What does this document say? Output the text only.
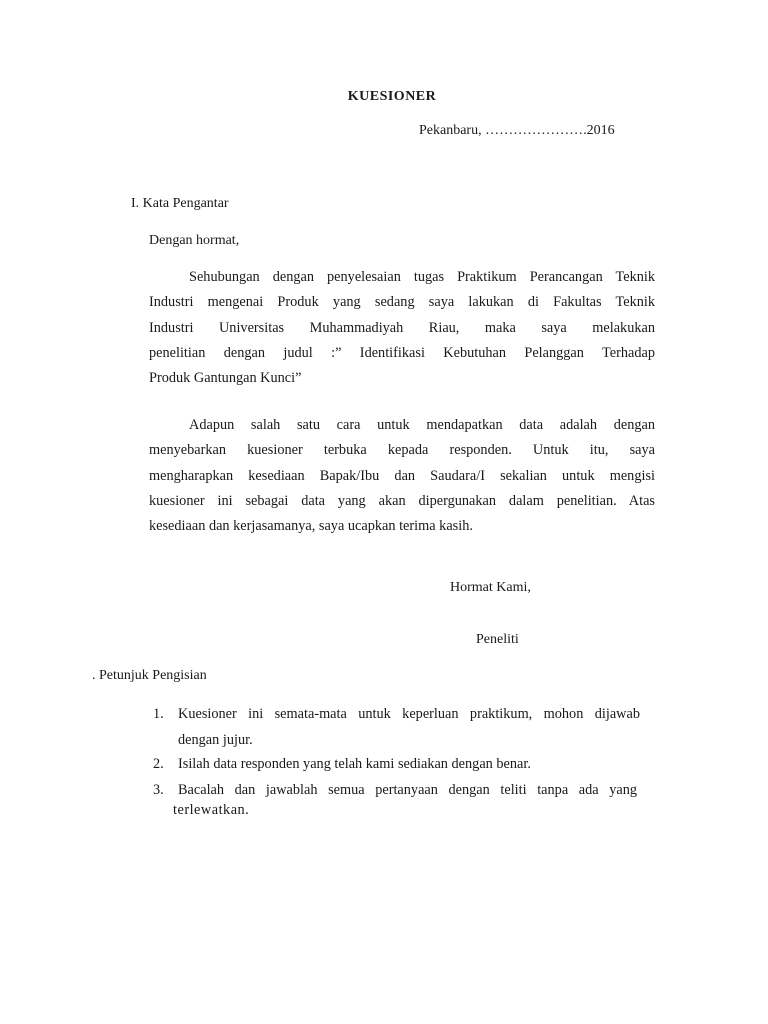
KUESIONER
Pekanbaru, ………………….2016
I. Kata Pengantar
Dengan hormat,
Sehubungan dengan penyelesaian tugas Praktikum Perancangan Teknik
Industri mengenai Produk yang sedang saya lakukan di Fakultas Teknik
Industri Universitas Muhammadiyah Riau, maka saya melakukan
penelitian dengan judul :” Identifikasi Kebutuhan Pelanggan Terhadap
Produk Gantungan Kunci”
Adapun salah satu cara untuk mendapatkan data adalah dengan
menyebarkan kuesioner terbuka kepada responden. Untuk itu, saya
mengharapkan kesediaan Bapak/Ibu dan Saudara/I sekalian untuk mengisi
kuesioner ini sebagai data yang akan dipergunakan dalam penelitian. Atas
kesediaan dan kerjasamanya, saya ucapkan terima kasih.
Hormat Kami,
Peneliti
. Petunjuk Pengisian
1. Kuesioner ini semata-mata untuk keperluan praktikum, mohon dijawab
dengan jujur.
2. Isilah data responden yang telah kami sediakan dengan benar.
3. Bacalah dan jawablah semua pertanyaan dengan teliti tanpa ada yang
terlewatkan.
